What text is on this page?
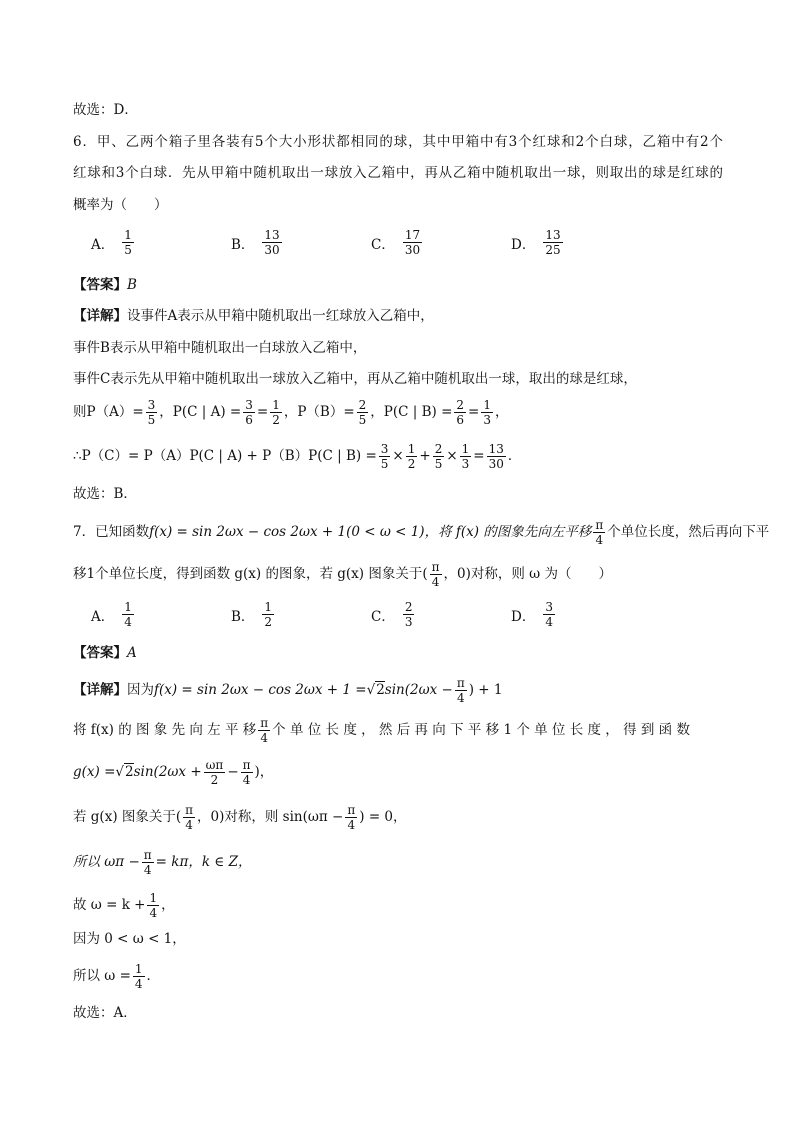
故选：D．
6．甲、乙两个箱子里各装有5个大小形状都相同的球，其中甲箱中有3个红球和2个白球，乙箱中有2个
红球和3个白球．先从甲箱中随机取出一球放入乙箱中，再从乙箱中随机取出一球，则取出的球是红球的
概率为（　　）
A． $\frac{1}{5}$	B． $\frac{13}{30}$	C． $\frac{17}{30}$	D． $\frac{13}{25}$
【答案】B
【详解】设事件A表示从甲箱中随机取出一红球放入乙箱中，
事件B表示从甲箱中随机取出一白球放入乙箱中，
事件C表示先从甲箱中随机取出一球放入乙箱中，再从乙箱中随机取出一球，取出的球是红球，
则$P(A)= \frac{3}{5}$ ，P(C | $A) = \frac{3}{6} = \frac{1}{2}$ ，$P(B)= \frac{2}{5}$ ，P(C | $B) = \frac{2}{6} = \frac{1}{3}$ ，
∴P（C）= P（A）P(C | A) + P（B）P(C | $B) = \frac{3}{5} \times \frac{1}{2} + \frac{2}{5} \times \frac{1}{3} = \frac{13}{30}$ ．
故选：B．
7．已知函数f(x) = sin 2ωx − cos 2ωx + 1(0 < ω < 1)，将 f(x) 的图象先向左平移 $\frac{\pi}{4}$ 个单位长度，然后再向下平
移1个单位长度，得到函数 g(x) 的图象，若 g(x) 图象关于( $\frac{\pi}{4}$ ，0)对称，则 ω 为（　　）
A． $\frac{1}{4}$	B． $\frac{1}{2}$	C． $\frac{2}{3}$	D． $\frac{3}{4}$
【答案】A
【详解】因为$f(x) = \sin 2\omega x - \cos 2\omega x + 1 =√2\sin(2\omega x - \frac{\pi}{4}$ ) + 1
将 f(x) 的 图 象 先 向 左 平 移 $\frac{\pi}{4}$ 个 单 位 长 度 ， 然 后 再 向 下 平 移 1 个 单 位 长 度 ， 得 到 函 数
$g(x) =√2\sin(2\omega x + \frac{\omega\pi}{2} - \frac{\pi}{4}$ )，
若 g(x) 图象关于( $\frac{\pi}{4}$ ，0)对称，则 $\sin(\omega\pi - \frac{\pi}{4}$ ) = 0，
所以 $\omega\pi - \frac{\pi}{4} = k\pi$，k ∈ Z，
故 $\omega = k + \frac{1}{4}$ ，
因为 0 < ω < 1，
所以 $\omega = \frac{1}{4}$ ．
故选：A．
